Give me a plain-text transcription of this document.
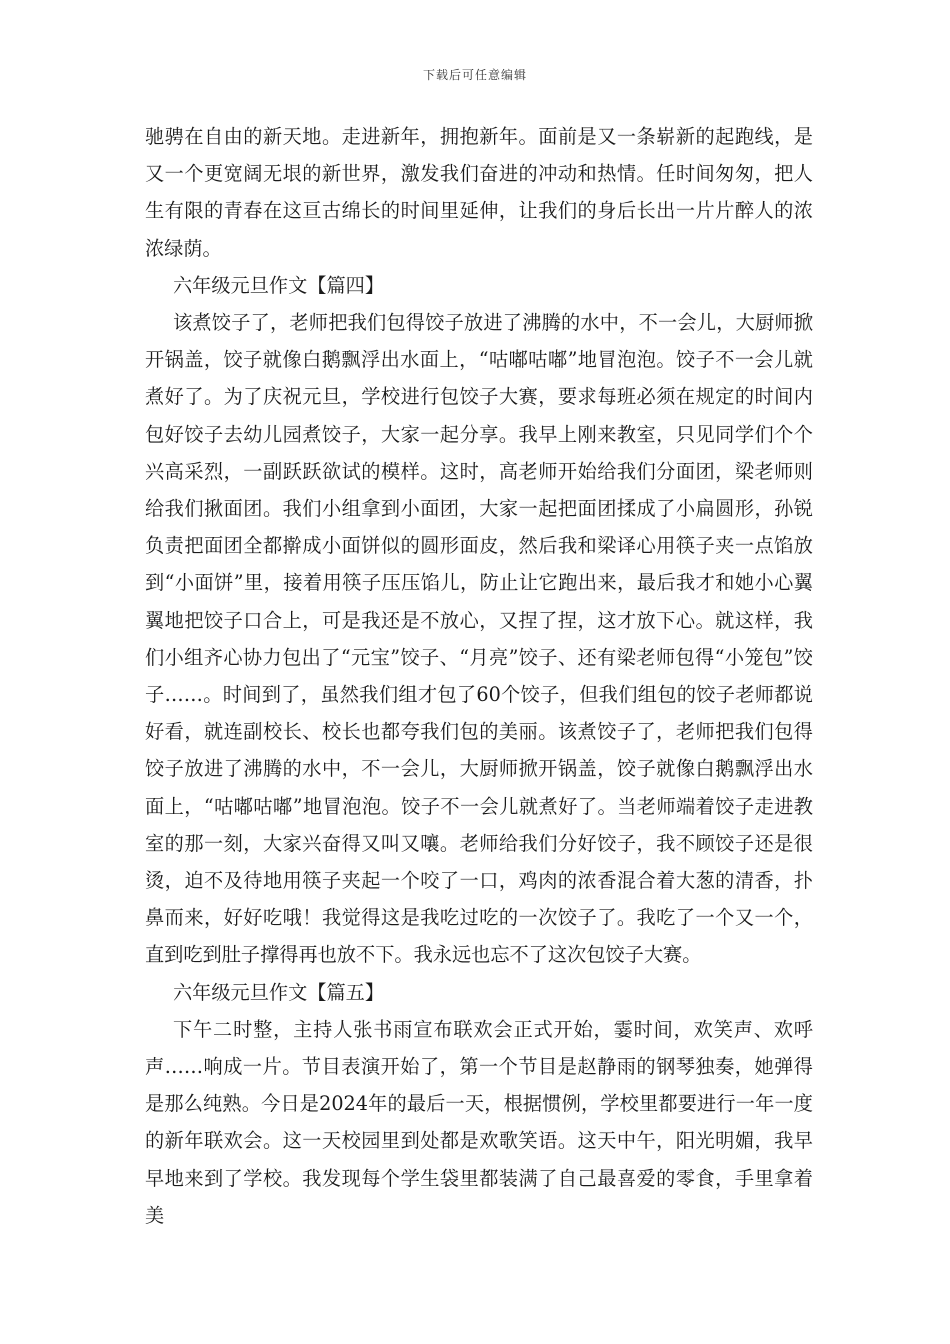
下载后可任意编辑

驰骋在自由的新天地。走进新年，拥抱新年。面前是又一条崭新的起跑线，是又一个更宽阔无垠的新世界，激发我们奋进的冲动和热情。任时间匆匆，把人生有限的青春在这亘古绵长的时间里延伸，让我们的身后长出一片片醉人的浓浓绿荫。

六年级元旦作文【篇四】

该煮饺子了，老师把我们包得饺子放进了沸腾的水中，不一会儿，大厨师掀开锅盖，饺子就像白鹅飘浮出水面上，“咕嘟咕嘟”地冒泡泡。饺子不一会儿就煮好了。为了庆祝元旦，学校进行包饺子大赛，要求每班必须在规定的时间内包好饺子去幼儿园煮饺子，大家一起分享。我早上刚来教室，只见同学们个个兴高采烈，一副跃跃欲试的模样。这时，高老师开始给我们分面团，梁老师则给我们揪面团。我们小组拿到小面团，大家一起把面团揉成了小扁圆形，孙锐负责把面团全都擀成小面饼似的圆形面皮，然后我和梁译心用筷子夹一点馅放到“小面饼”里，接着用筷子压压馅儿，防止让它跑出来，最后我才和她小心翼翼地把饺子口合上，可是我还是不放心，又捏了捏，这才放下心。就这样，我们小组齐心协力包出了“元宝”饺子、“月亮”饺子、还有梁老师包得“小笼包”饺子……。时间到了，虽然我们组才包了60个饺子，但我们组包的饺子老师都说好看，就连副校长、校长也都夸我们包的美丽。该煮饺子了，老师把我们包得饺子放进了沸腾的水中，不一会儿，大厨师掀开锅盖，饺子就像白鹅飘浮出水面上，“咕嘟咕嘟”地冒泡泡。饺子不一会儿就煮好了。当老师端着饺子走进教室的那一刻，大家兴奋得又叫又嚷。老师给我们分好饺子，我不顾饺子还是很烫，迫不及待地用筷子夹起一个咬了一口，鸡肉的浓香混合着大葱的清香，扑鼻而来，好好吃哦！我觉得这是我吃过吃的一次饺子了。我吃了一个又一个，直到吃到肚子撑得再也放不下。我永远也忘不了这次包饺子大赛。

六年级元旦作文【篇五】

下午二时整，主持人张书雨宣布联欢会正式开始，霎时间，欢笑声、欢呼声……响成一片。节目表演开始了，第一个节目是赵静雨的钢琴独奏，她弹得是那么纯熟。今日是2024年的最后一天，根据惯例，学校里都要进行一年一度的新年联欢会。这一天校园里到处都是欢歌笑语。这天中午，阳光明媚，我早早地来到了学校。我发现每个学生袋里都装满了自己最喜爱的零食，手里拿着美
